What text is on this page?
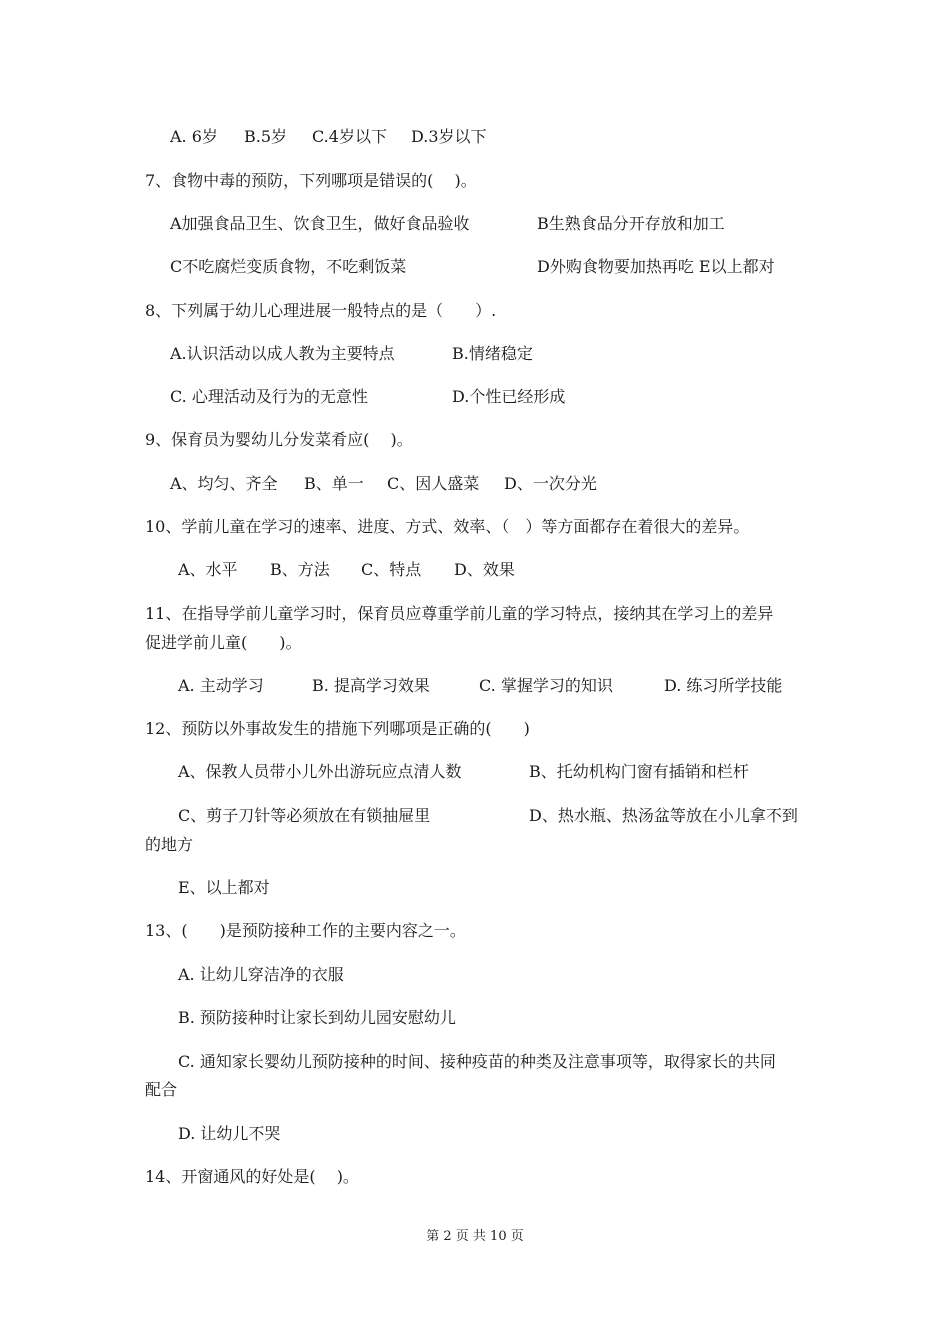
A. 6岁 B.5岁 C.4岁以下 D.3岁以下
7、食物中毒的预防，下列哪项是错误的(　 )。
A加强食品卫生、饮食卫生，做好食品验收	B生熟食品分开存放和加工
C不吃腐烂变质食物，不吃剩饭菜	D外购食物要加热再吃 E以上都对
8、下列属于幼儿心理进展一般特点的是（　　）.
A.认识活动以成人教为主要特点	B.情绪稳定
C. 心理活动及行为的无意性	D.个性已经形成
9、保育员为婴幼儿分发菜肴应(　 )。
A、均匀、齐全 B、单一 C、因人盛菜 D、一次分光
10、学前儿童在学习的速率、进度、方式、效率、（　）等方面都存在着很大的差异。
A、水平 B、方法 C、特点 D、效果
11、在指导学前儿童学习时，保育员应尊重学前儿童的学习特点，接纳其在学习上的差异
促进学前儿童(　　)。
A. 主动学习	B. 提高学习效果	C. 掌握学习的知识	D. 练习所学技能
12、预防以外事故发生的措施下列哪项是正确的(　　)
A、保教人员带小儿外出游玩应点清人数	B、托幼机构门窗有插销和栏杆
C、剪子刀针等必须放在有锁抽屉里	D、热水瓶、热汤盆等放在小儿拿不到
的地方
E、以上都对
13、(　　)是预防接种工作的主要内容之一。
A. 让幼儿穿洁净的衣服
B. 预防接种时让家长到幼儿园安慰幼儿
C. 通知家长婴幼儿预防接种的时间、接种疫苗的种类及注意事项等，取得家长的共同
配合
D. 让幼儿不哭
14、开窗通风的好处是(　 )。
第 2 页 共 10 页
